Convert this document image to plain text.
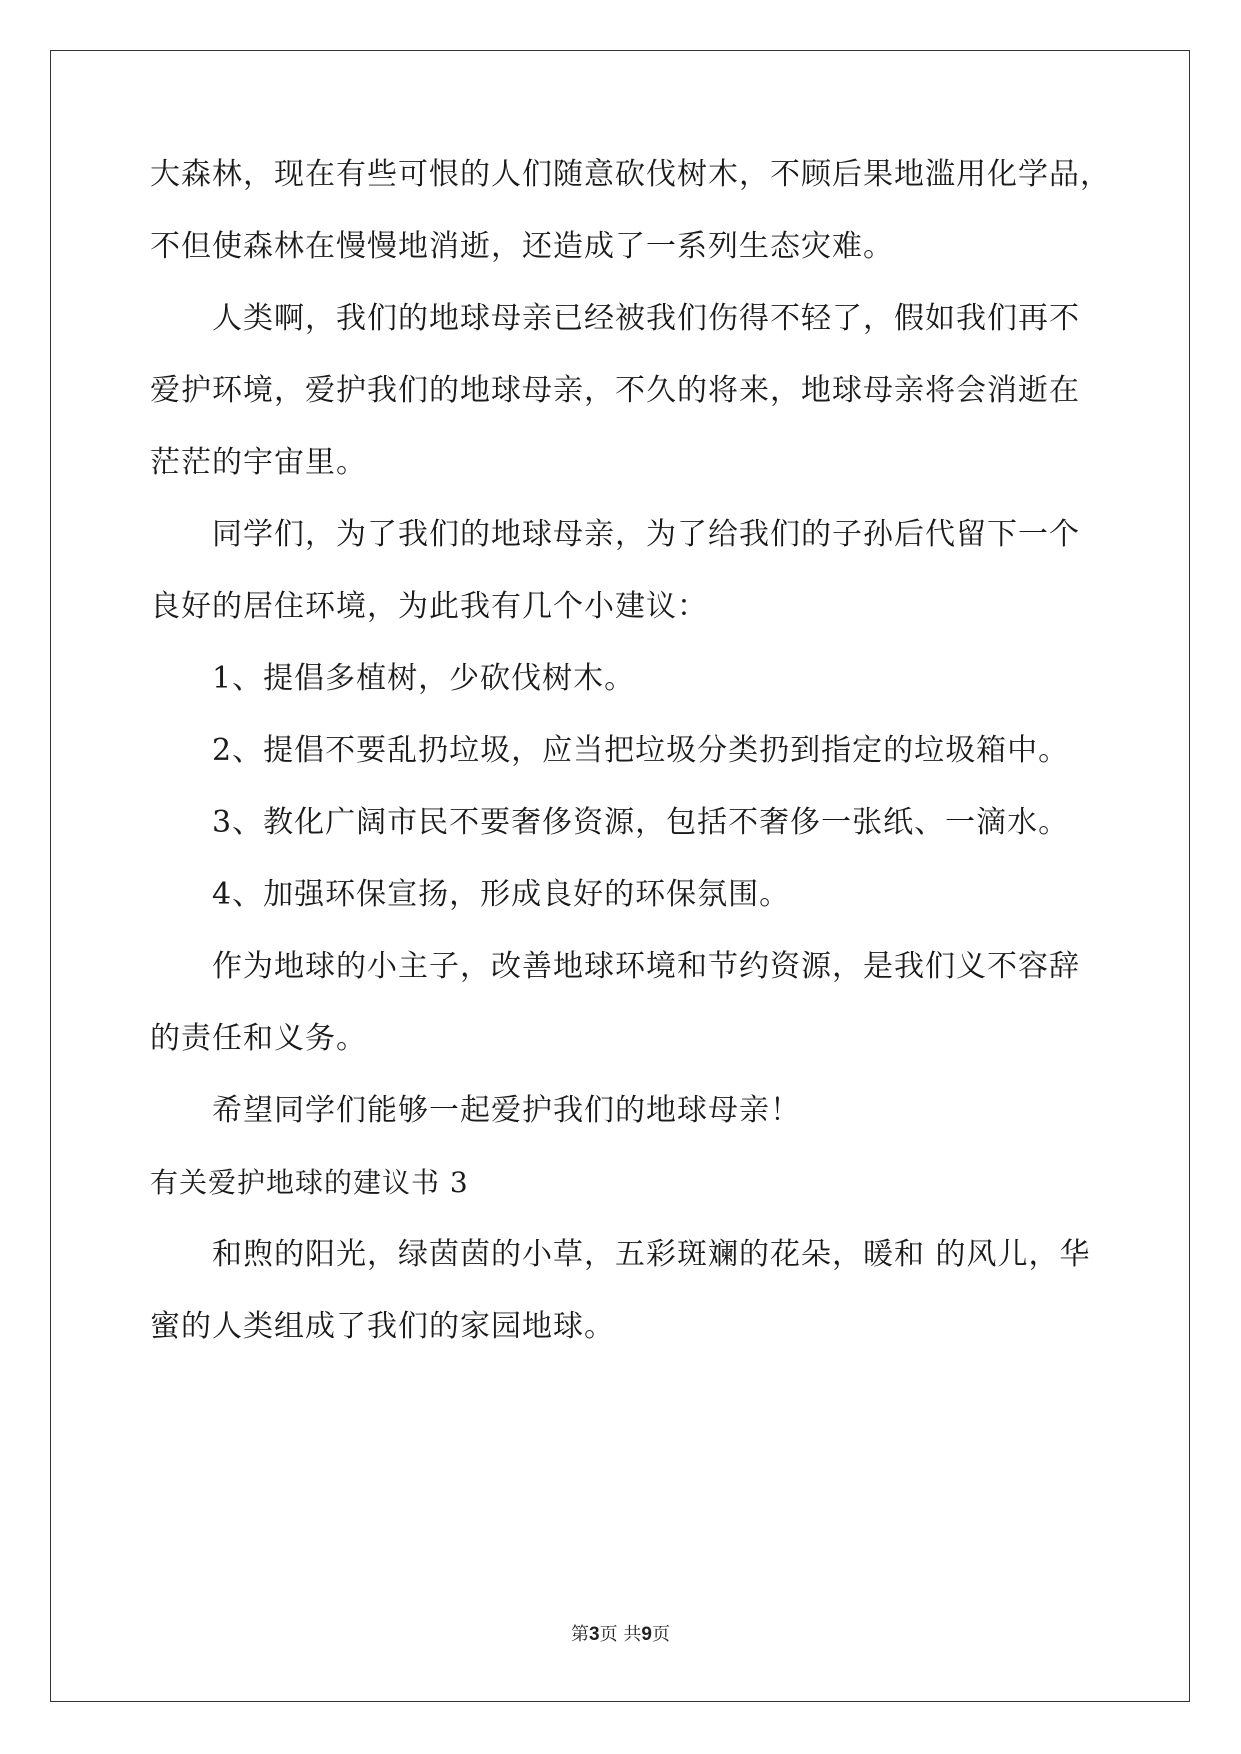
大森林，现在有些可恨的人们随意砍伐树木，不顾后果地滥用化学品，
不但使森林在慢慢地消逝，还造成了一系列生态灾难。
人类啊，我们的地球母亲已经被我们伤得不轻了，假如我们再不
爱护环境，爱护我们的地球母亲，不久的将来，地球母亲将会消逝在
茫茫的宇宙里。
同学们，为了我们的地球母亲，为了给我们的子孙后代留下一个
良好的居住环境，为此我有几个小建议：
1、提倡多植树，少砍伐树木。
2、提倡不要乱扔垃圾，应当把垃圾分类扔到指定的垃圾箱中。
3、教化广阔市民不要奢侈资源，包括不奢侈一张纸、一滴水。
4、加强环保宣扬，形成良好的环保氛围。
作为地球的小主子，改善地球环境和节约资源，是我们义不容辞
的责任和义务。
希望同学们能够一起爱护我们的地球母亲！
有关爱护地球的建议书 3
和煦的阳光，绿茵茵的小草，五彩斑斓的花朵，暖和 的风儿，华
蜜的人类组成了我们的家园地球。
第3页 共9页
